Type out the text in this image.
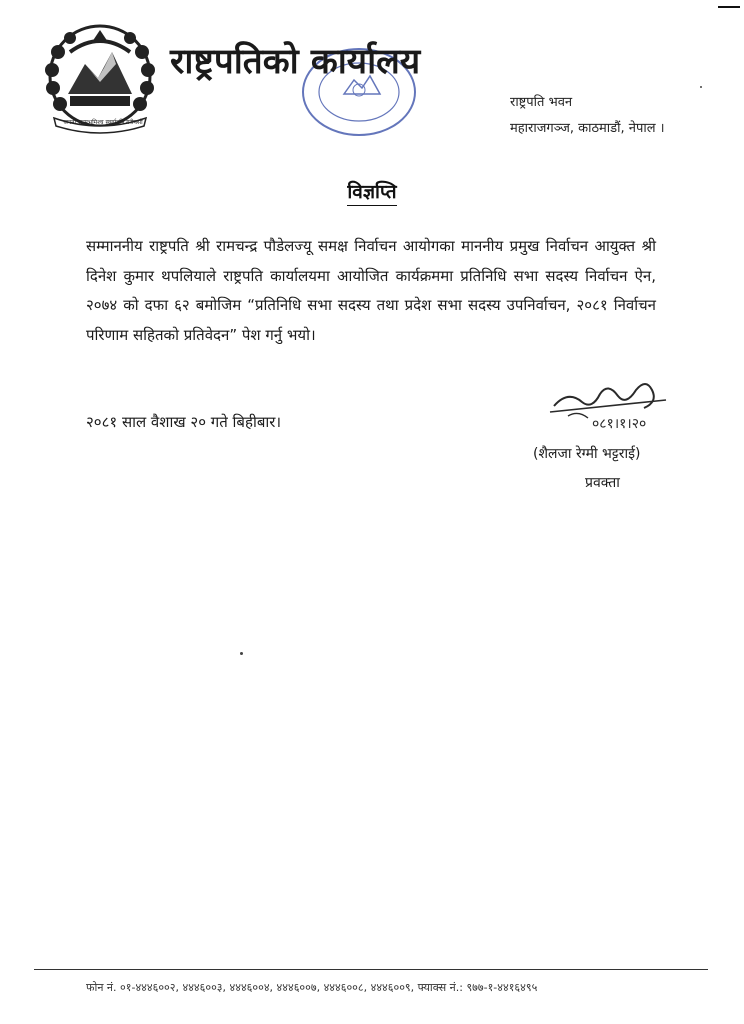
जननी जन्मभूमिश्च स्वर्गादपि गरीयसी
राष्ट्रपतिको कार्यालय
राष्ट्रपति भवन
महाराजगञ्ज, काठमाडौं, नेपाल ।
विज्ञप्ति
सम्माननीय राष्ट्रपति श्री रामचन्द्र पौडेलज्यू समक्ष निर्वाचन आयोगका माननीय प्रमुख निर्वाचन आयुक्त श्री दिनेश कुमार थपलियाले राष्ट्रपति कार्यालयमा आयोजित कार्यक्रममा प्रतिनिधि सभा सदस्य निर्वाचन ऐन, २०७४ को दफा ६२ बमोजिम “प्रतिनिधि सभा सदस्य तथा प्रदेश सभा सदस्य उपनिर्वाचन, २०८१ निर्वाचन परिणाम सहितको प्रतिवेदन” पेश गर्नु भयो।
२०८१ साल वैशाख २० गते बिहीबार।	०८१।१।२०
(शैलजा रेग्मी भट्टराई)
प्रवक्ता
फोन नं. ०१-४४४६००२, ४४४६००३, ४४४६००४, ४४४६००७, ४४४६००८, ४४४६००९, फ्याक्स नं.: ९७७-१-४४१६४९५
